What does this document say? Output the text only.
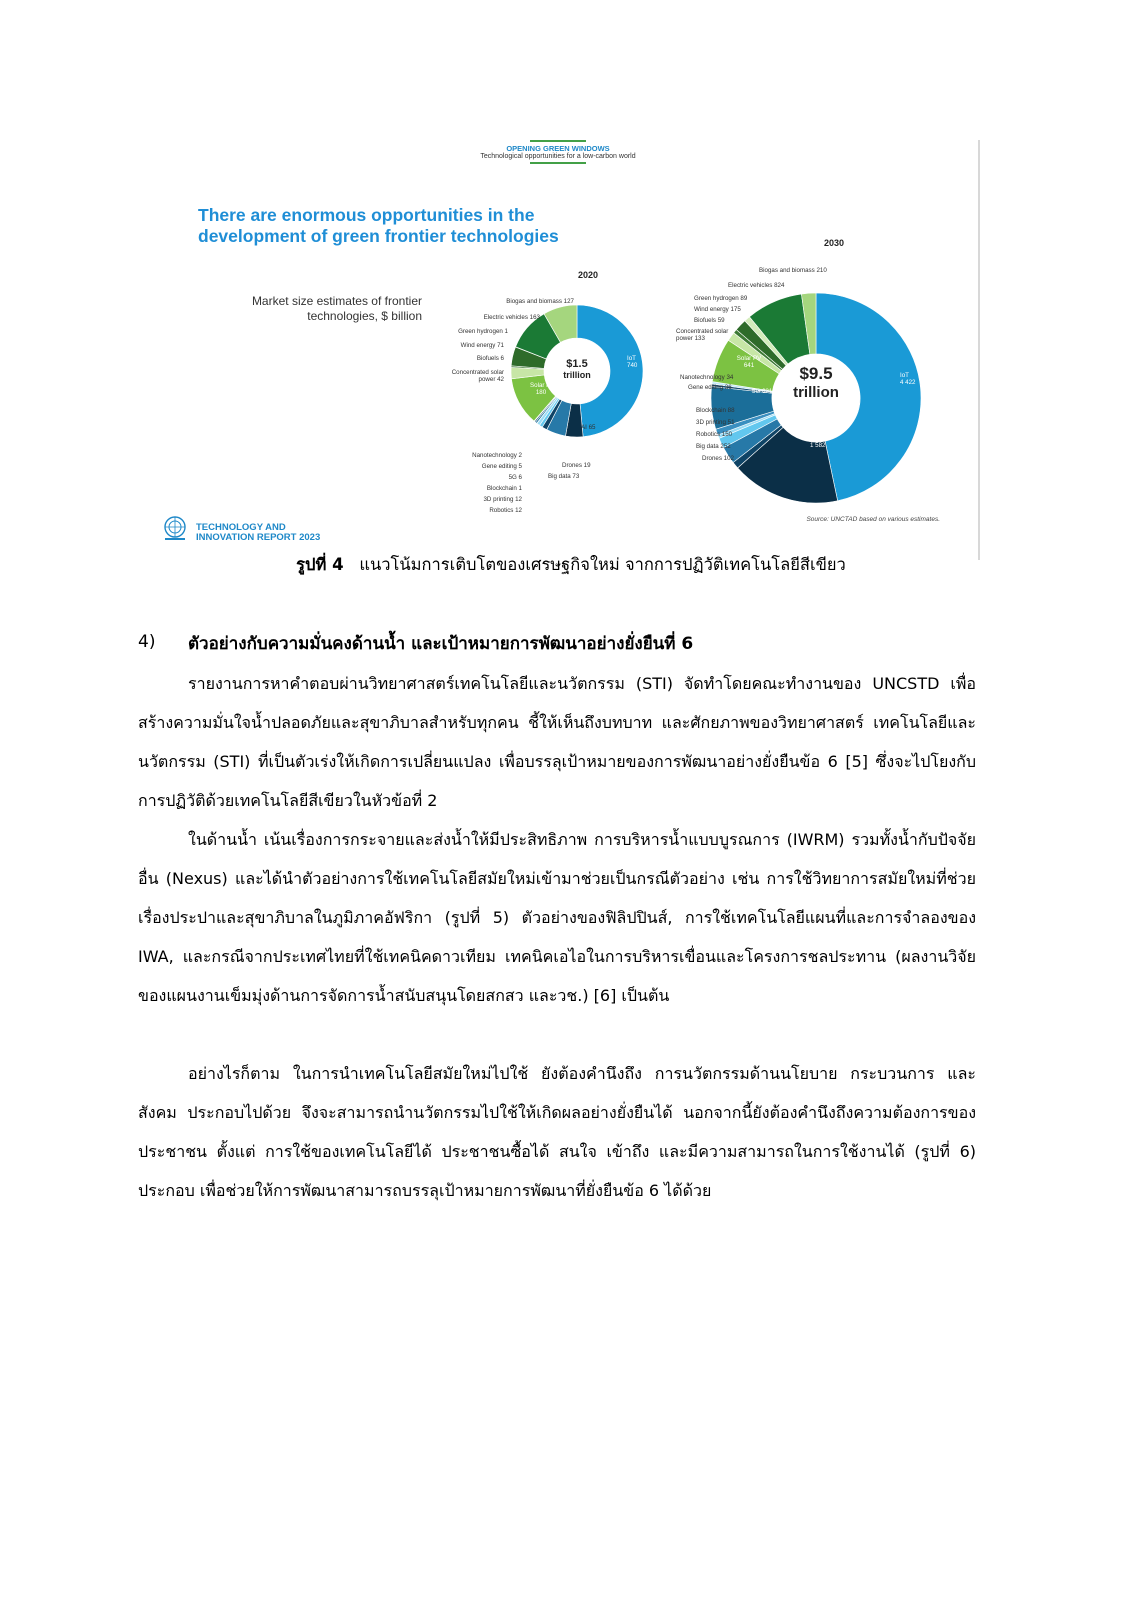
OPENING GREEN WINDOWS
Technological opportunities for a low-carbon world
There are enormous opportunities in the development of green frontier technologies
Market size estimates of frontier technologies, $ billion
2020
$1.5
trillion
Biogas and biomass 127
Electric vehicles 163
Green hydrogen 1
Wind energy 71
Biofuels 6
Concentrated solar power 42
Solar PV
180
IoT
740
AI 65
Nanotechnology 2
Gene editing 5
5G 6
Blockchain 1
3D printing 12
Robotics 12
Drones 19
Big data 73
2030
$9.5
trillion
Biogas and biomass 210
Electric vehicles 824
Green hydrogen 89
Wind energy 175
Biofuels 59
Concentrated solar power 133
Solar PV
641
Nanotechnology 34
Gene editing 36
5G 621
Blockchain 88
3D printing 51
Robotics 150
Big data 252
Drones 102
AI
1 582
IoT
4 422
TECHNOLOGY AND INNOVATION REPORT 2023
Source: UNCTAD based on various estimates.
รูปที่ 4 แนวโน้มการเติบโตของเศรษฐกิจใหม่ จากการปฏิวัติเทคโนโลยีสีเขียว
4) ตัวอย่างกับความมั่นคงด้านน้ำ และเป้าหมายการพัฒนาอย่างยั่งยืนที่ 6
รายงานการหาคำตอบผ่านวิทยาศาสตร์เทคโนโลยีและนวัตกรรม (STI) จัดทำโดยคณะทำงานของ UNCSTD เพื่อสร้างความมั่นใจน้ำปลอดภัยและสุขาภิบาลสำหรับทุกคน ชี้ให้เห็นถึงบทบาท และศักยภาพของวิทยาศาสตร์ เทคโนโลยีและนวัตกรรม (STI) ที่เป็นตัวเร่งให้เกิดการเปลี่ยนแปลง เพื่อบรรลุเป้าหมายของการพัฒนาอย่างยั่งยืนข้อ 6 [5] ซึ่งจะไปโยงกับการปฏิวัติด้วยเทคโนโลยีสีเขียวในหัวข้อที่ 2
ในด้านน้ำ เน้นเรื่องการกระจายและส่งน้ำให้มีประสิทธิภาพ การบริหารน้ำแบบบูรณการ (IWRM) รวมทั้งน้ำกับปัจจัยอื่น (Nexus) และได้นำตัวอย่างการใช้เทคโนโลยีสมัยใหม่เข้ามาช่วยเป็นกรณีตัวอย่าง เช่น การใช้วิทยาการสมัยใหม่ที่ช่วยเรื่องประปาและสุขาภิบาลในภูมิภาคอัฟริกา (รูปที่ 5) ตัวอย่างของฟิลิปปินส์, การใช้เทคโนโลยีแผนที่และการจำลองของ IWA, และกรณีจากประเทศไทยที่ใช้เทคนิคดาวเทียม เทคนิคเอไอในการบริหารเขื่อนและโครงการชลประทาน (ผลงานวิจัยของแผนงานเข็มมุ่งด้านการจัดการน้ำสนับสนุนโดยสกสว และวช.) [6] เป็นต้น
อย่างไรก็ตาม ในการนำเทคโนโลยีสมัยใหม่ไปใช้ ยังต้องคำนึงถึง การนวัตกรรมด้านนโยบาย กระบวนการ และสังคม ประกอบไปด้วย จึงจะสามารถนำนวัตกรรมไปใช้ให้เกิดผลอย่างยั่งยืนได้ นอกจากนี้ยังต้องคำนึงถึงความต้องการของประชาชน ตั้งแต่ การใช้ของเทคโนโลยีได้ ประชาชนซื้อได้ สนใจ เข้าถึง และมีความสามารถในการใช้งานได้ (รูปที่ 6) ประกอบ เพื่อช่วยให้การพัฒนาสามารถบรรลุเป้าหมายการพัฒนาที่ยั่งยืนข้อ 6 ได้ด้วย
